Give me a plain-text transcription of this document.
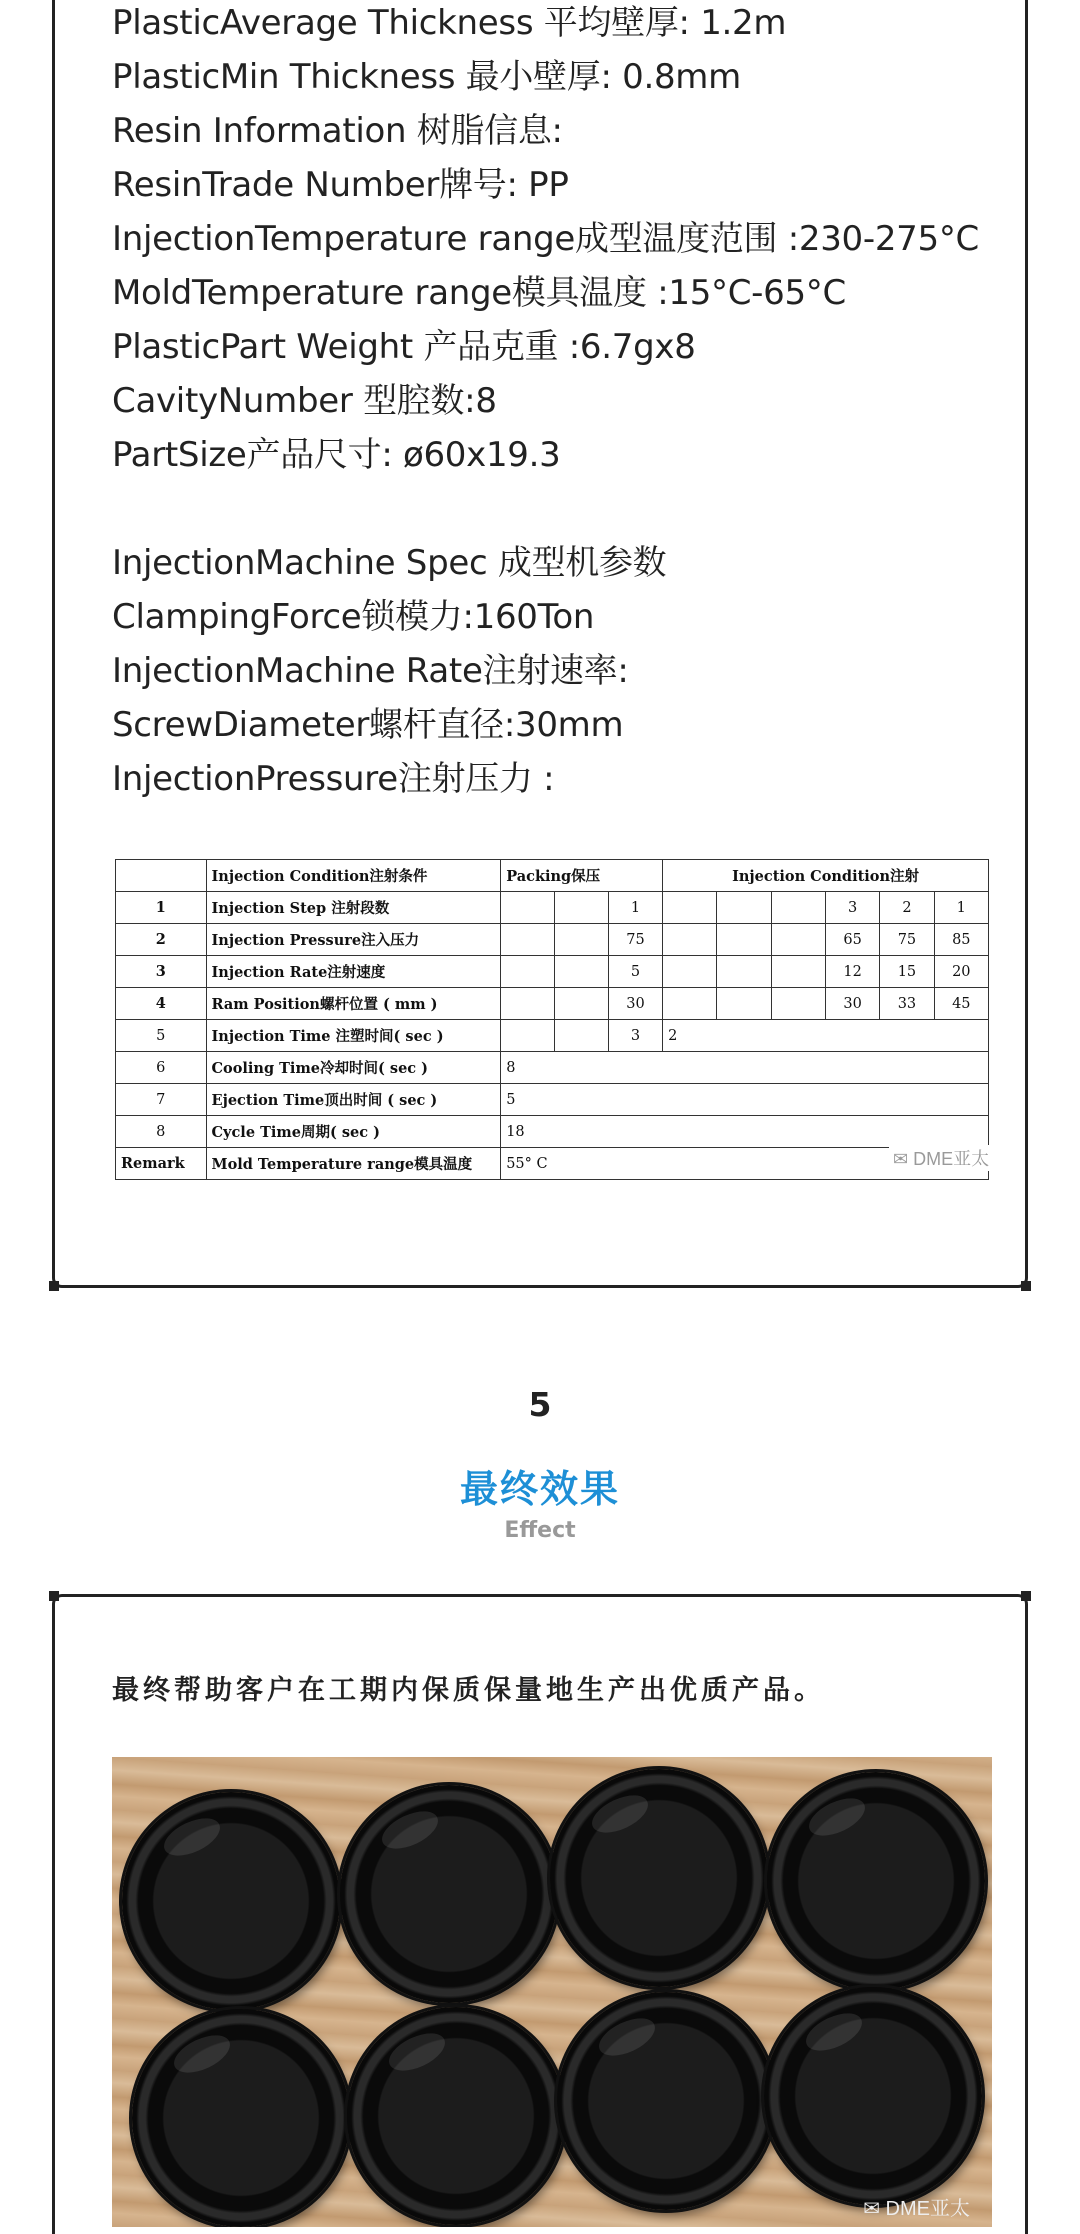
PlasticAverage Thickness 平均壁厚: 1.2m
PlasticMin Thickness 最小壁厚: 0.8mm
Resin Information 树脂信息:
ResinTrade Number牌号: PP
InjectionTemperature range成型温度范围 :230-275°C
MoldTemperature range模具温度 :15°C-65°C
PlasticPart Weight 产品克重 :6.7gx8
CavityNumber 型腔数:8
PartSize产品尺寸: ø60x19.3
InjectionMachine Spec 成型机参数
ClampingForce锁模力:160Ton
InjectionMachine Rate注射速率:
ScrewDiameter螺杆直径:30mm
InjectionPressure注射压力 :
	Injection Condition注射条件	Packing保压			Injection Condition注射					
1	Injection Step 注射段数			1				3	2	1
2	Injection Pressure注入压力			75				65	75	85
3	Injection Rate注射速度			5				12	15	20
4	Ram Position螺杆位置 ( mm )			30				30	33	45
5	Injection Time 注塑时间( sec )			3	2					
6	Cooling Time冷却时间( sec )	8								
7	Ejection Time顶出时间 ( sec )	5								
8	Cycle Time周期( sec )	18								
Remark	Mold Temperature range模具温度	55° C									✉ DME亚太
5
最终效果
Effect
最终帮助客户在工期内保质保量地生产出优质产品。
✉ DME亚太
